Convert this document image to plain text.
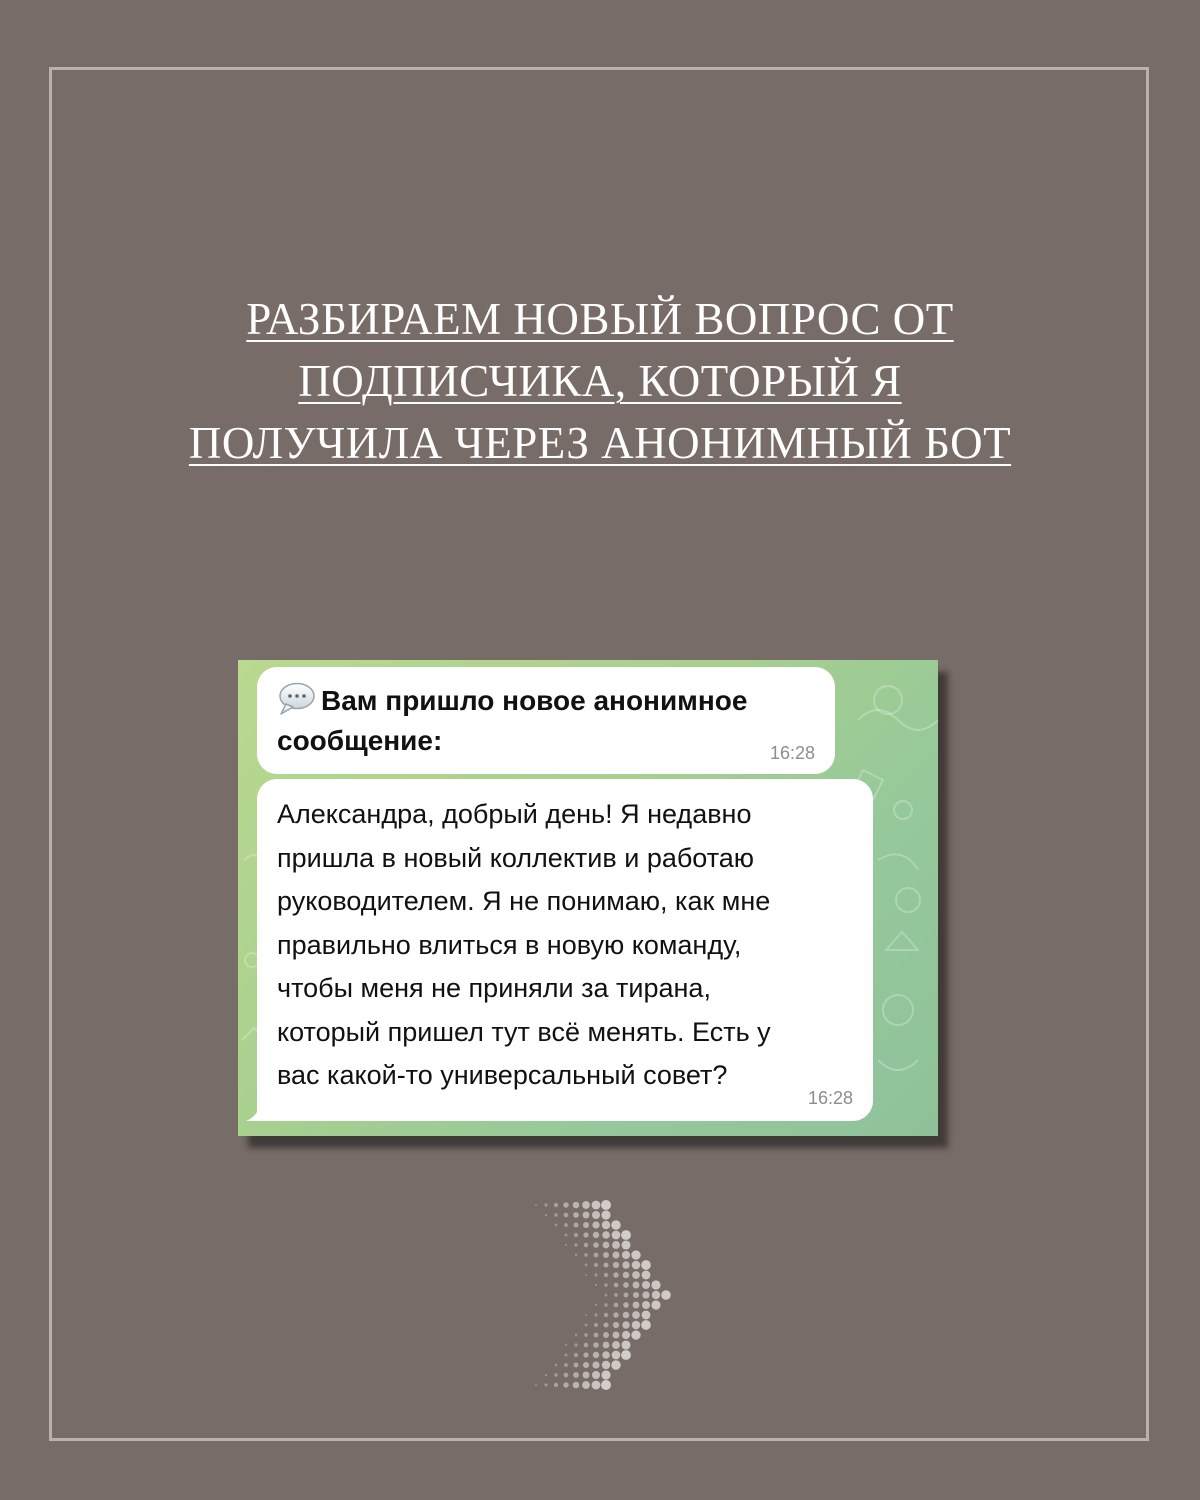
РАЗБИРАЕМ НОВЫЙ ВОПРОС ОТ
ПОДПИСЧИКА, КОТОРЫЙ Я
ПОЛУЧИЛА ЧЕРЕЗ АНОНИМНЫЙ БОТ
Вам пришло новое анонимное сообщение:	16:28

Александра, добрый день! Я недавно
пришла в новый коллектив и работаю
руководителем. Я не понимаю, как мне
правильно влиться в новую команду,
чтобы меня не приняли за тирана,
который пришел тут всё менять. Есть у
вас какой-то универсальный совет?

16:28
